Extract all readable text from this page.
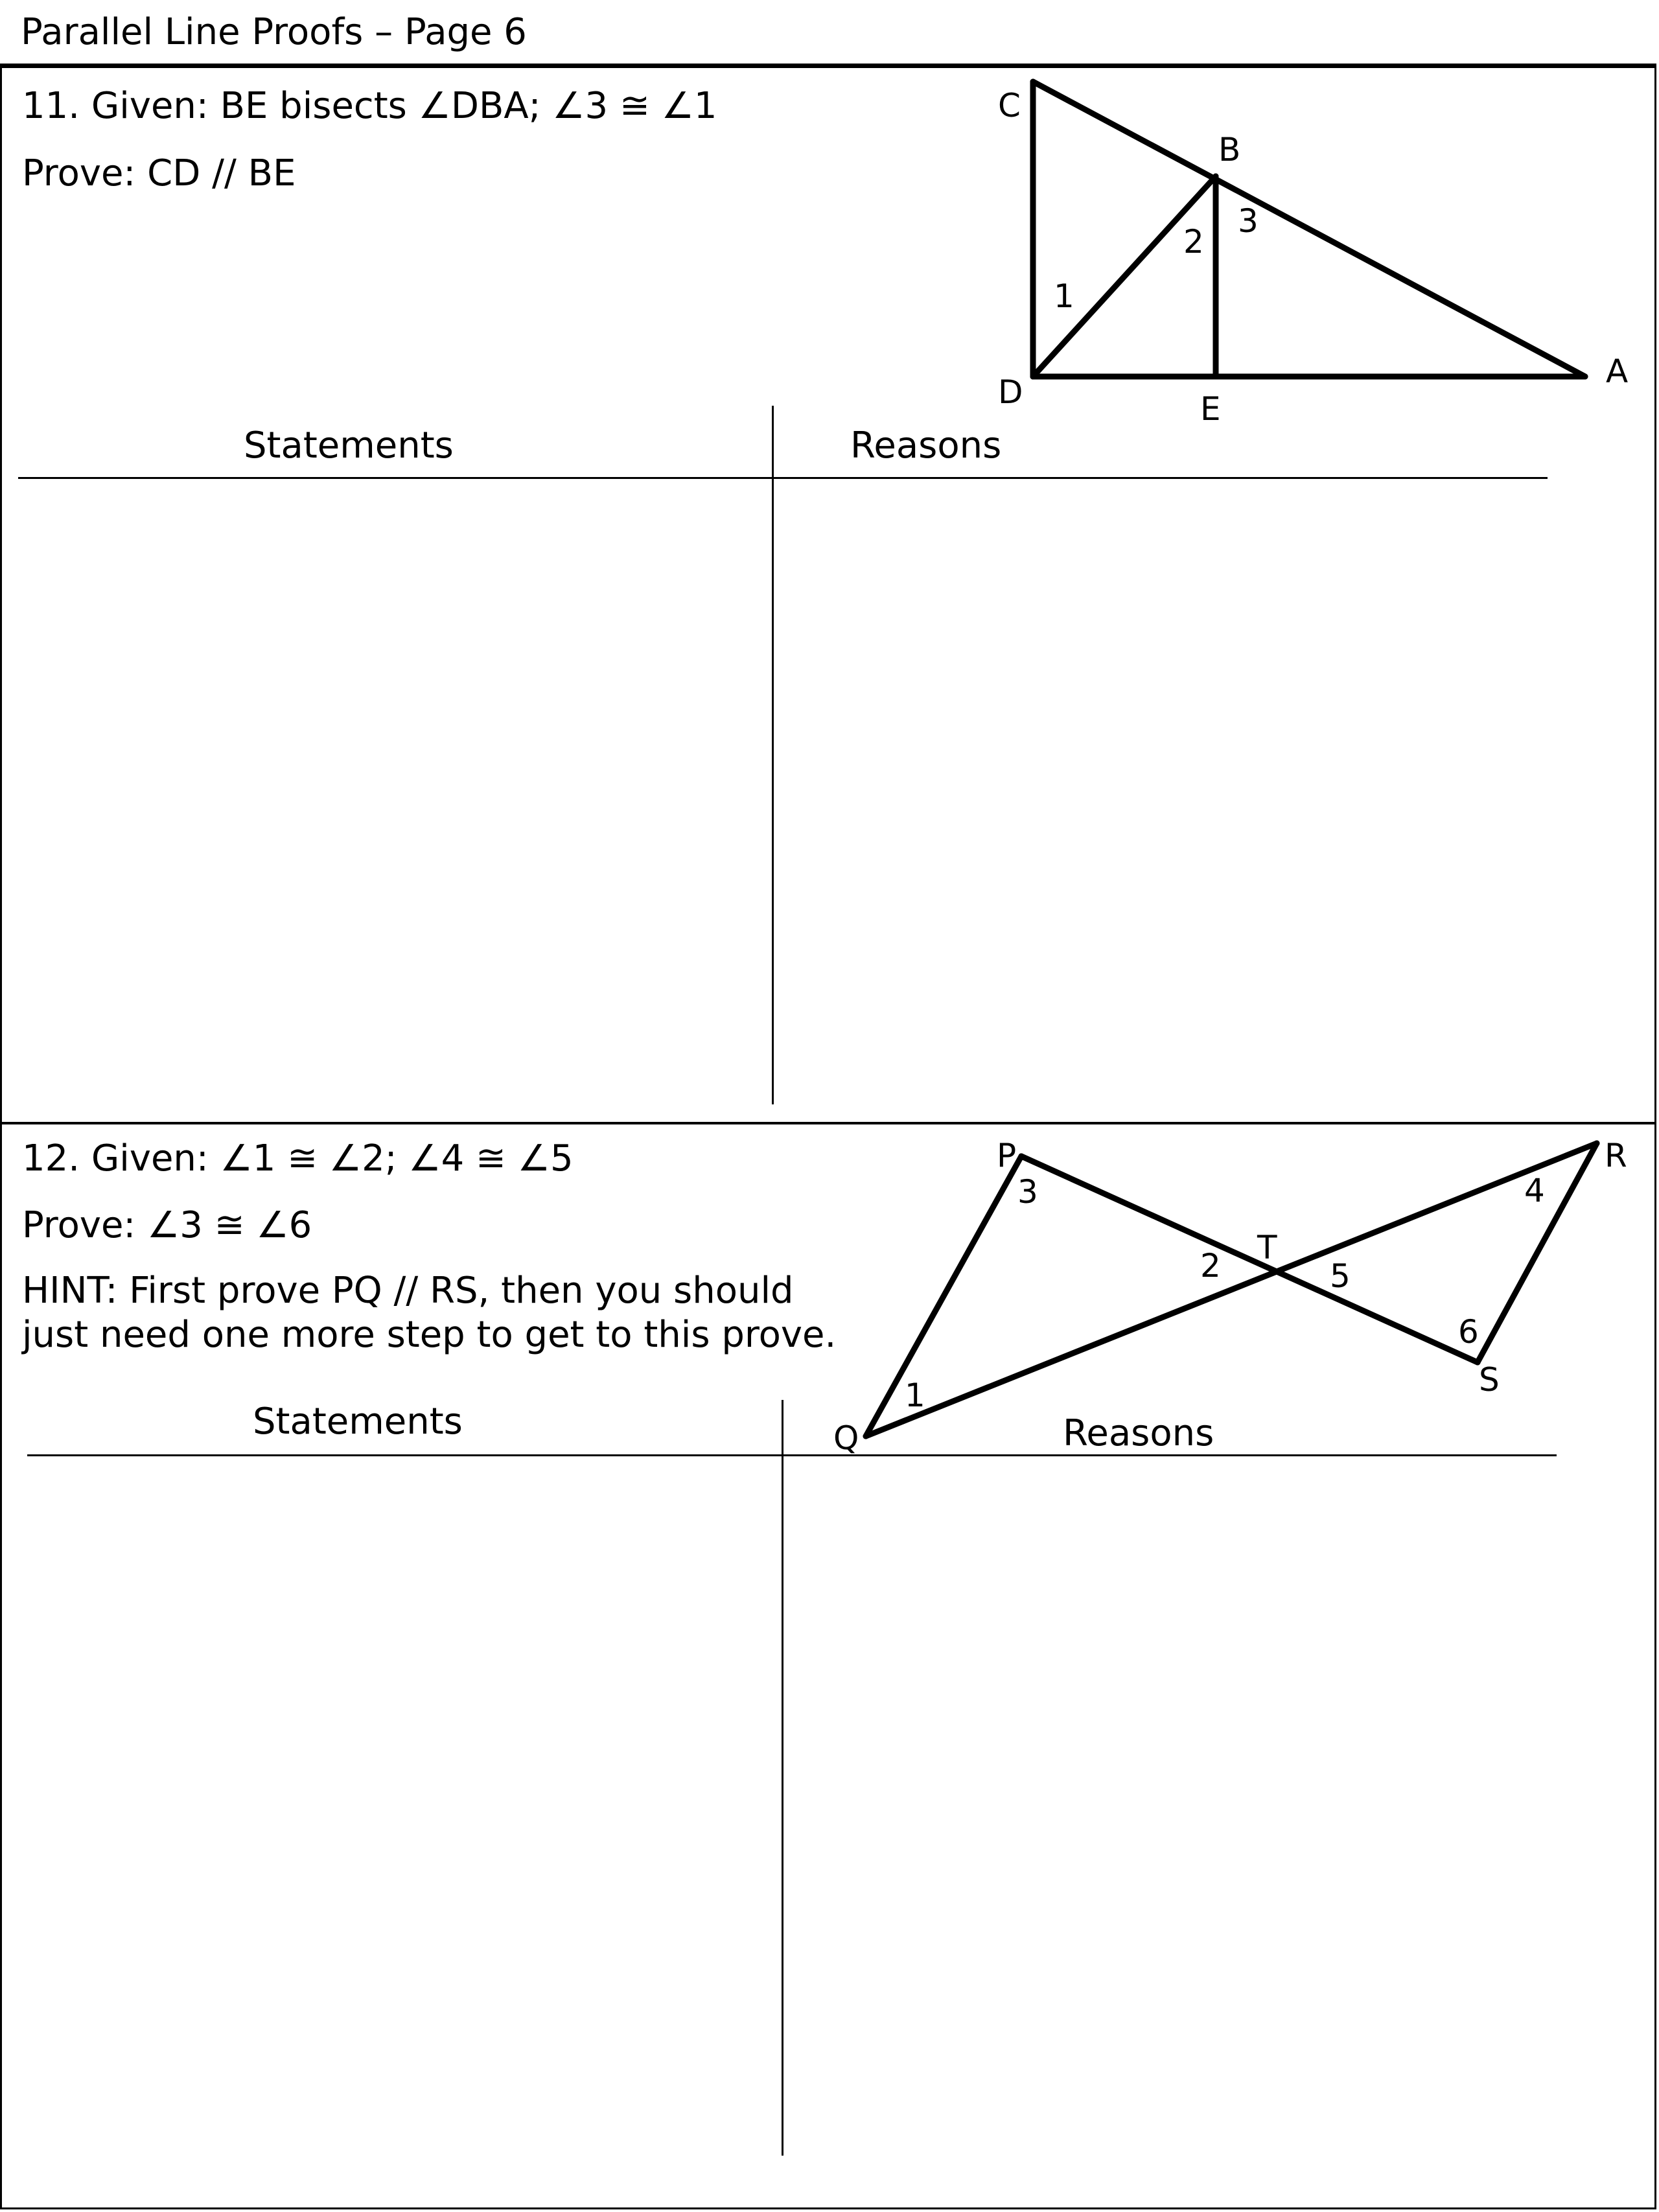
Parallel Line Proofs – Page 6
11. Given: BE bisects ∠DBA; ∠3 ≅ ∠1
Prove: CD // BE
Statements	Reasons
12. Given: ∠1 ≅ ∠2; ∠4 ≅ ∠5
Prove: ∠3 ≅ ∠6
HINT: First prove PQ // RS, then you should
just need one more step to get to this prove.
Statements	Reasons
C
B
D	E
A
1
2
3
P	R
T
S
Q
1
2
3	4
5
6
